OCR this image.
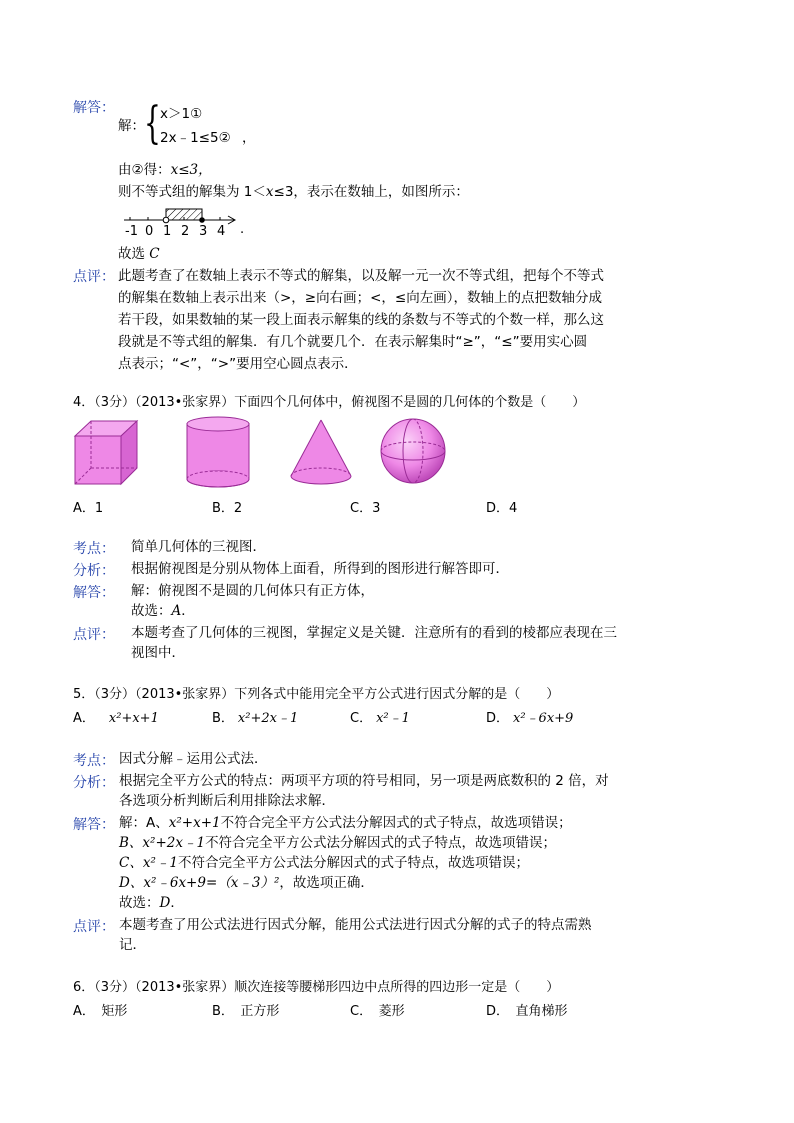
解答：
解： { x＞1①
2x﹣1≤5② ，
由②得：x≤3，
则不等式组的解集为 1＜x≤3，表示在数轴上，如图所示：
-1 0 1 2 3 4 .
故选 C
点评： 此题考查了在数轴上表示不等式的解集，以及解一元一次不等式组，把每个不等式
的解集在数轴上表示出来（>，≥向右画；<，≤向左画），数轴上的点把数轴分成
若干段，如果数轴的某一段上面表示解集的线的条数与不等式的个数一样，那么这
段就是不等式组的解集．有几个就要几个．在表示解集时“≥”，“≤”要用实心圆
点表示；“<”，“>”要用空心圆点表示．
4．（3分）（2013•张家界）下面四个几何体中，俯视图不是圆的几何体的个数是（　　）
A．1	B．2	C．3	D．4
考点： 简单几何体的三视图．
分析： 根据俯视图是分别从物体上面看，所得到的图形进行解答即可．
解答： 解：俯视图不是圆的几何体只有正方体，
故选：A．
点评： 本题考查了几何体的三视图，掌握定义是关键．注意所有的看到的棱都应表现在三
视图中．
5．（3分）（2013•张家界）下列各式中能用完全平方公式进行因式分解的是（　　）
A． x²+x+1	B． x²+2x﹣1	C． x²﹣1	D． x²﹣6x+9
考点： 因式分解﹣运用公式法．
分析： 根据完全平方公式的特点：两项平方项的符号相同，另一项是两底数积的 2 倍，对
各选项分析判断后利用排除法求解．
解答： 解：A、x²+x+1不符合完全平方公式法分解因式的式子特点，故选项错误；
B、x²+2x﹣1不符合完全平方公式法分解因式的式子特点，故选项错误；
C、x²﹣1不符合完全平方公式法分解因式的式子特点，故选项错误；
D、x²﹣6x+9=（x﹣3）²，故选项正确．
故选：D．
点评： 本题考查了用公式法进行因式分解，能用公式法进行因式分解的式子的特点需熟
记．
6．（3分）（2013•张家界）顺次连接等腰梯形四边中点所得的四边形一定是（　　）
A．　矩形	B．　正方形	C．　菱形	D．　直角梯形
